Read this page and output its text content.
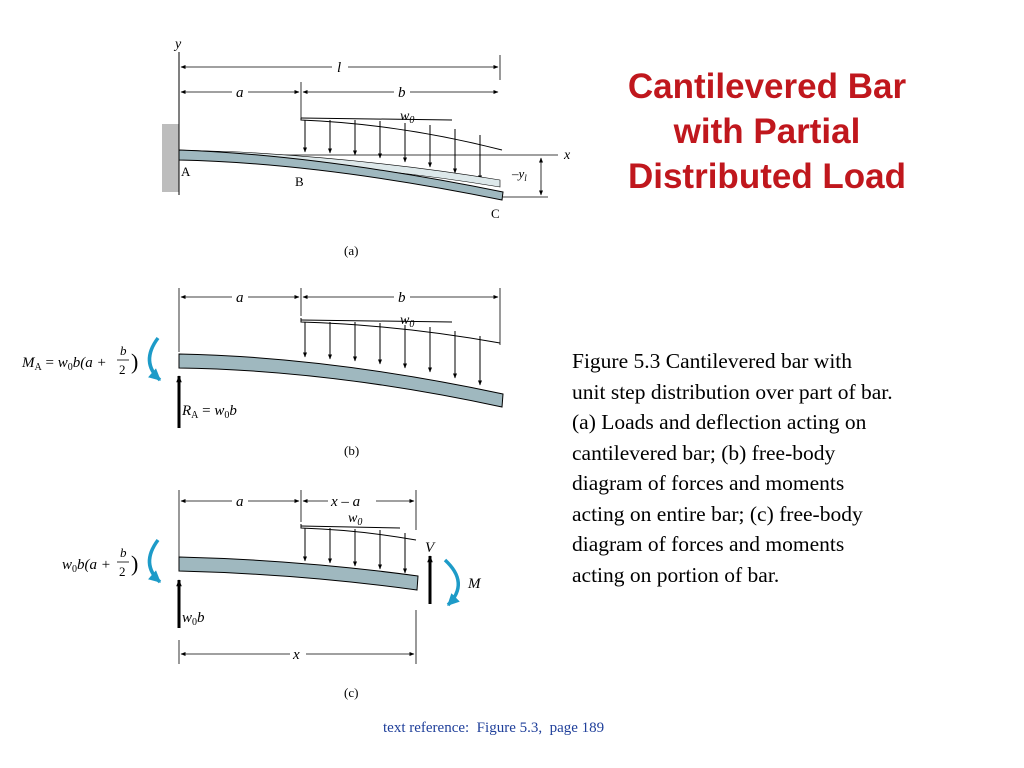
y
x
l
a	b
$w_0$
$-y_l$
A
B
C
(a)
a	b
$w_0$
$M_A = w_0b(a$ +
b
2 )
$R_A = w_0b$
(b)
a	x – a
$w_0$
V
M
$w_0b(a$ +
b
2 )
$w_0b$
x
(c)
Cantilevered Bar
with Partial
Distributed Load
Figure 5.3 Cantilevered bar with
unit step distribution over part of bar.
(a) Loads and deflection acting on
cantilevered bar; (b) free-body
diagram of forces and moments
acting on entire bar; (c) free-body
diagram of forces and moments
acting on portion of bar.
text reference:  Figure 5.3,  page 189
